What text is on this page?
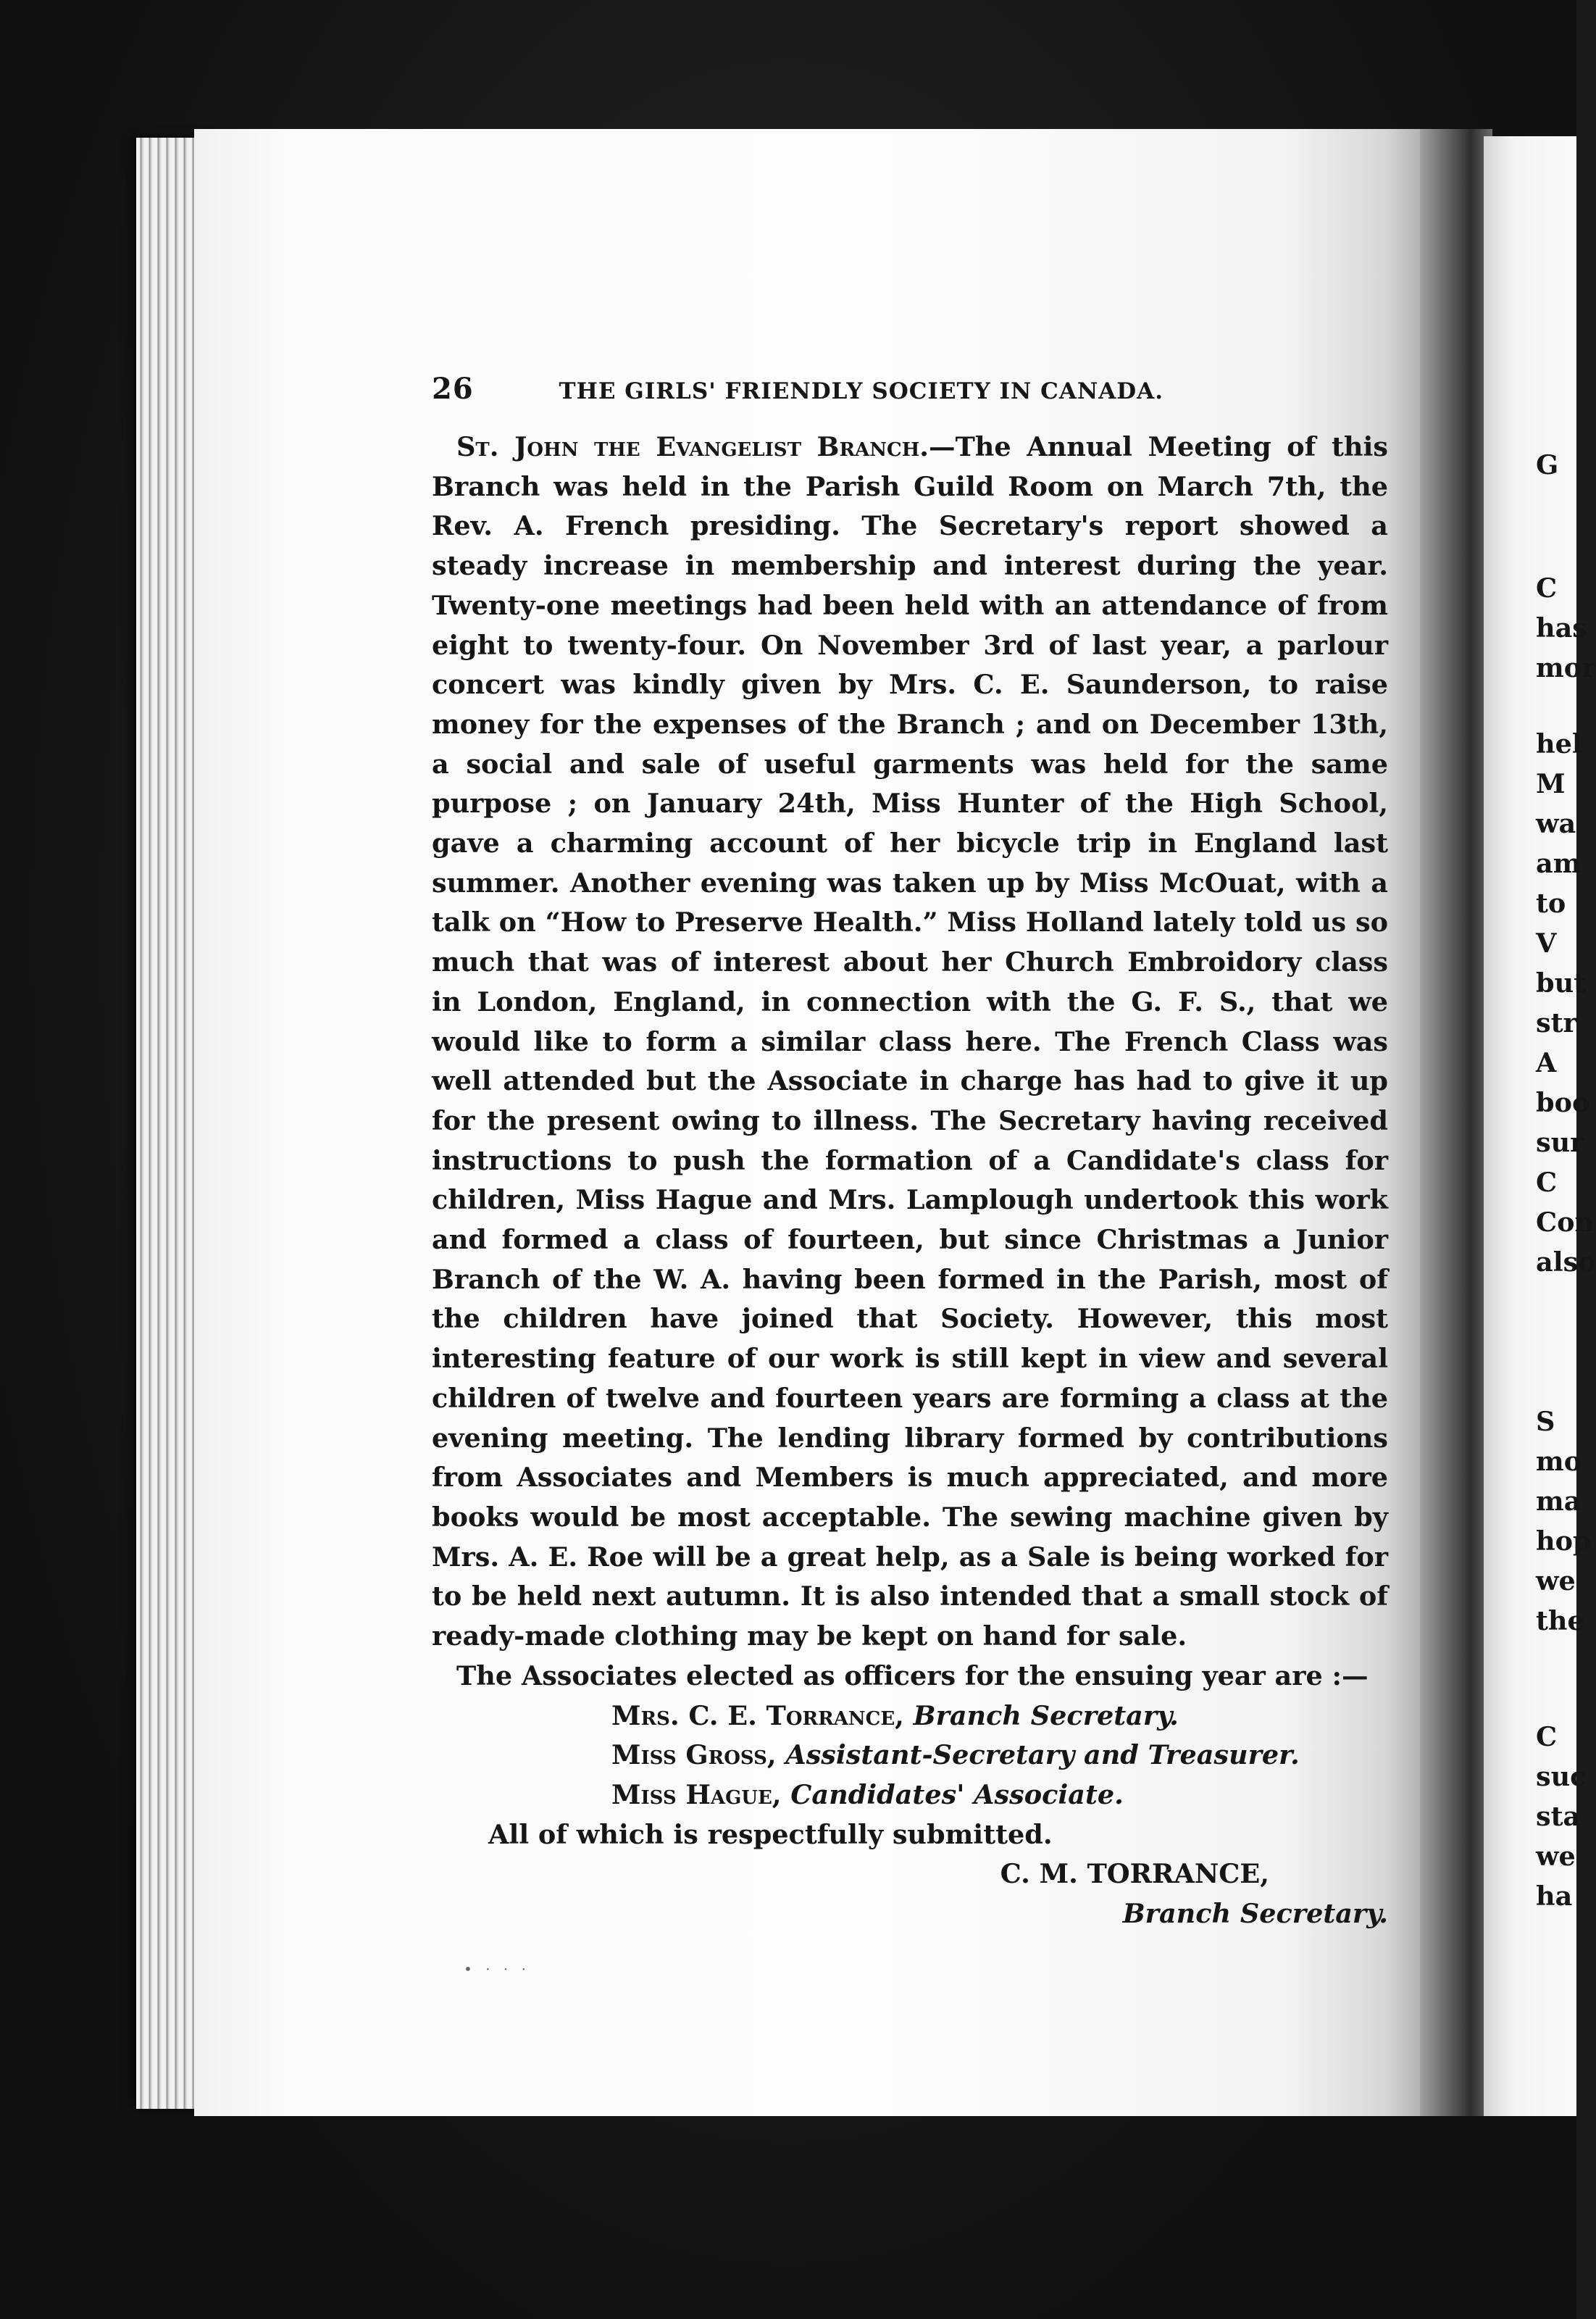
26	THE GIRLS' FRIENDLY SOCIETY IN CANADA.

St. John the Evangelist Branch.—The Annual Meeting of this Branch was held in the Parish Guild Room on March 7th, the Rev. A. French presiding. The Secretary's report showed a steady increase in membership and interest during the year. Twenty-one meetings had been held with an attendance of from eight to twenty-four. On November 3rd of last year, a parlour concert was kindly given by Mrs. C. E. Saunderson, to raise money for the expenses of the Branch ; and on December 13th, a social and sale of useful garments was held for the same purpose ; on January 24th, Miss Hunter of the High School, gave a charming account of her bicycle trip in England last summer. Another evening was taken up by Miss McOuat, with a talk on “How to Preserve Health.” Miss Holland lately told us so much that was of interest about her Church Embroidory class in London, England, in connection with the G. F. S., that we would like to form a similar class here. The French Class was well attended but the Associate in charge has had to give it up for the present owing to illness. The Secretary having received instructions to push the formation of a Candidate's class for children, Miss Hague and Mrs. Lamplough undertook this work and formed a class of fourteen, but since Christmas a Junior Branch of the W. A. having been formed in the Parish, most of the children have joined that Society. However, this most interesting feature of our work is still kept in view and several children of twelve and fourteen years are forming a class at the evening meeting. The lending library formed by contributions from Associates and Members is much appreciated, and more books would be most acceptable. The sewing machine given by Mrs. A. E. Roe will be a great help, as a Sale is being worked for to be held next autumn. It is also intended that a small stock of ready-made clothing may be kept on hand for sale.

The Associates elected as officers for the ensuing year are :—

Mrs. C. E. Torrance, Branch Secretary.
Miss Gross, Assistant-Secretary and Treasurer.
Miss Hague, Candidates' Associate.

All of which is respectfully submitted.

C. M. TORRANCE,
Branch Secretary.
G
C
has
mor
hel
M
wa
am
to
V
but
str
A
boo
sur
C
Con
also
S
mo
ma
hop
we
the
C
suc
sta
we
ha
• · · ·
